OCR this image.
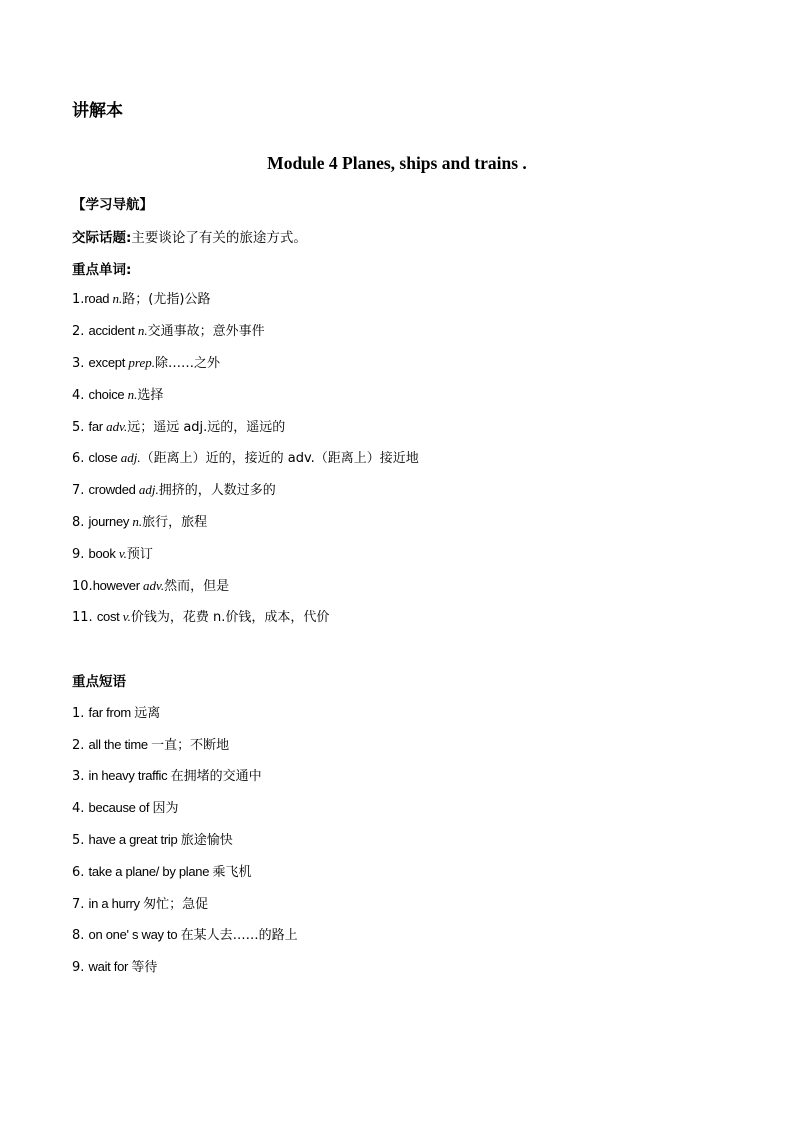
讲解本
Module 4 Planes, ships and trains .
【学习导航】
交际话题:主要谈论了有关的旅途方式。
重点单词:
1.road n.路；(尤指)公路
2. accident n.交通事故；意外事件
3. except prep.除……之外
4. choice n.选择
5. far adv.远；遥远 adj.远的，遥远的
6. close adj.（距离上）近的，接近的 adv.（距离上）接近地
7. crowded adj.拥挤的，人数过多的
8. journey n.旅行，旅程
9. book v.预订
10.however adv.然而，但是
11. cost v.价钱为，花费 n.价钱，成本，代价
重点短语
1. far from 远离
2. all the time 一直；不断地
3. in heavy traffic 在拥堵的交通中
4. because of 因为
5. have a great trip 旅途愉快
6. take a plane/ by plane 乘飞机
7. in a hurry 匆忙；急促
8. on one' s way to 在某人去……的路上
9. wait for 等待
